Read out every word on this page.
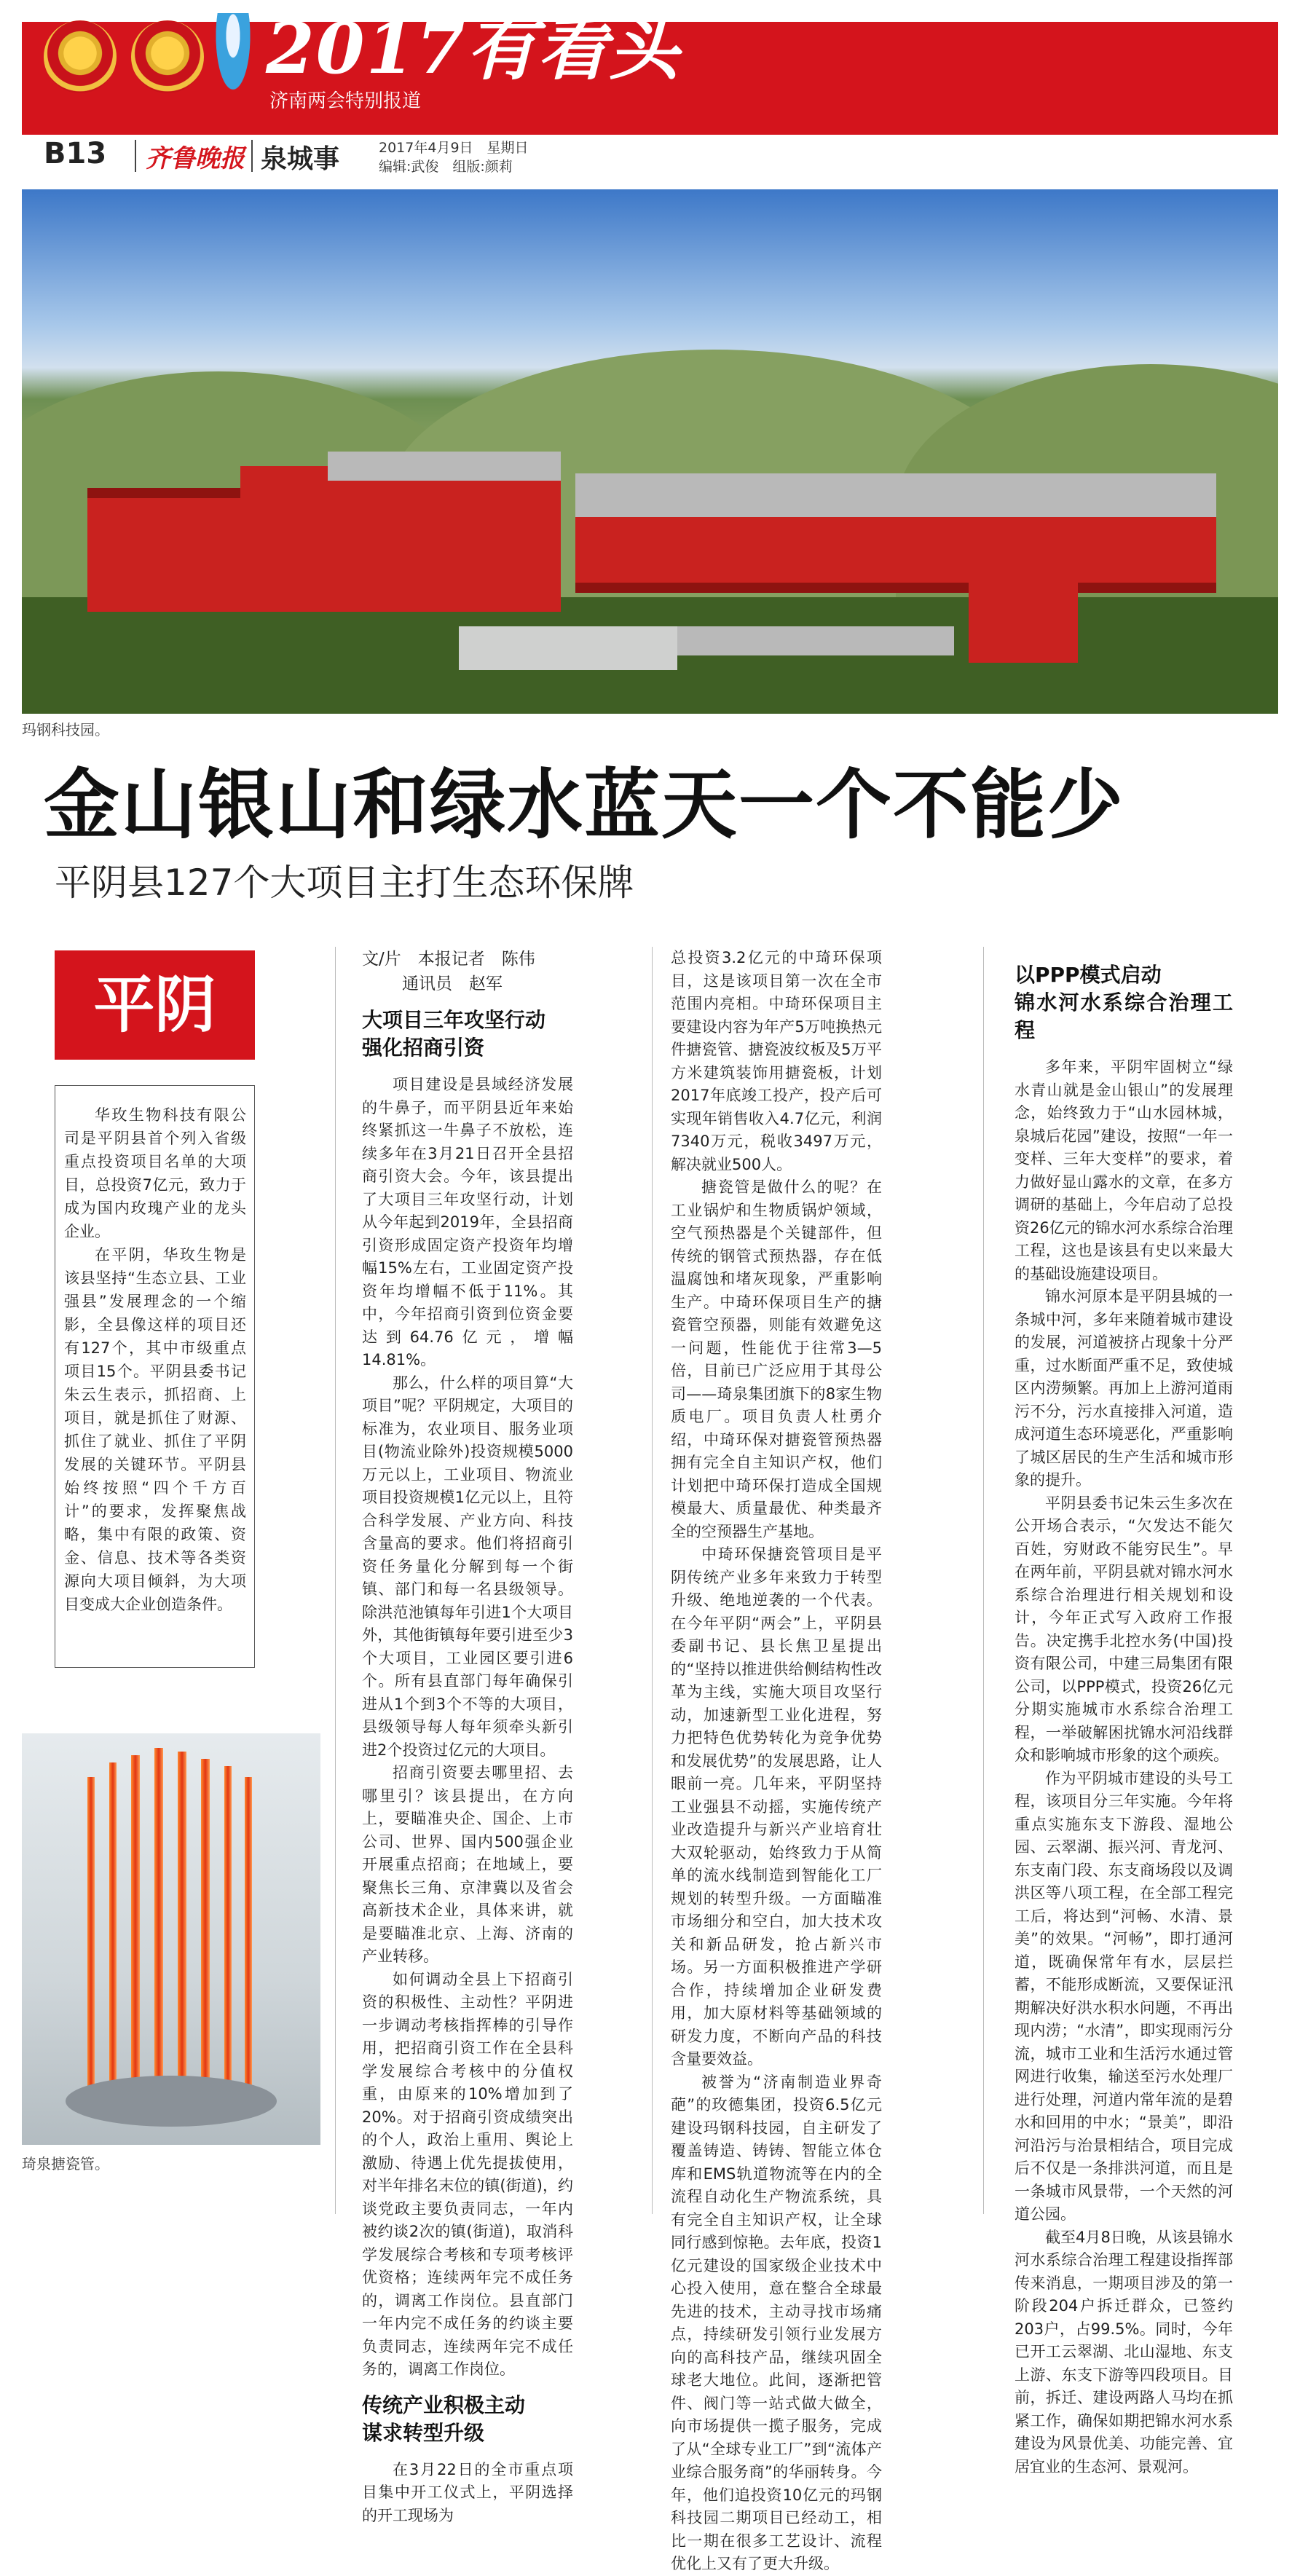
2017有看头
济南两会特别报道
B13 齐鲁晚报 泉城事	2017年4月9日　星期日
编辑:武俊　组版:颜莉
玛钢科技园。
金山银山和绿水蓝天一个不能少
平阴县127个大项目主打生态环保牌
平阴

华玫生物科技有限公司是平阴县首个列入省级重点投资项目名单的大项目，总投资7亿元，致力于成为国内玫瑰产业的龙头企业。

在平阴，华玫生物是该县坚持“生态立县、工业强县”发展理念的一个缩影，全县像这样的项目还有127个，其中市级重点项目15个。平阴县委书记朱云生表示，抓招商、上项目，就是抓住了财源、抓住了就业、抓住了平阴发展的关键环节。平阴县始终按照“四个千方百计”的要求，发挥聚焦战略，集中有限的政策、资金、信息、技术等各类资源向大项目倾斜，为大项目变成大企业创造条件。

琦泉搪瓷管。

文/片　本报记者　陈伟
通讯员　赵军

大项目三年攻坚行动
强化招商引资

项目建设是县域经济发展的牛鼻子，而平阴县近年来始终紧抓这一牛鼻子不放松，连续多年在3月21日召开全县招商引资大会。今年，该县提出了大项目三年攻坚行动，计划从今年起到2019年，全县招商引资形成固定资产投资年均增幅15%左右，工业固定资产投资年均增幅不低于11%。其中，今年招商引资到位资金要达到64.76亿元，增幅14.81%。

那么，什么样的项目算“大项目”呢？平阴规定，大项目的标准为，农业项目、服务业项目(物流业除外)投资规模5000万元以上，工业项目、物流业项目投资规模1亿元以上，且符合科学发展、产业方向、科技含量高的要求。他们将招商引资任务量化分解到每一个街镇、部门和每一名县级领导。除洪范池镇每年引进1个大项目外，其他街镇每年要引进至少3个大项目，工业园区要引进6个。所有县直部门每年确保引进从1个到3个不等的大项目，县级领导每人每年须牵头新引进2个投资过亿元的大项目。

招商引资要去哪里招、去哪里引？该县提出，在方向上，要瞄准央企、国企、上市公司、世界、国内500强企业开展重点招商；在地域上，要聚焦长三角、京津冀以及省会高新技术企业，具体来讲，就是要瞄准北京、上海、济南的产业转移。

如何调动全县上下招商引资的积极性、主动性？平阴进一步调动考核指挥棒的引导作用，把招商引资工作在全县科学发展综合考核中的分值权重，由原来的10%增加到了20%。对于招商引资成绩突出的个人，政治上重用、舆论上激励、待遇上优先提拔使用，对半年排名末位的镇(街道)，约谈党政主要负责同志，一年内被约谈2次的镇(街道)，取消科学发展综合考核和专项考核评优资格；连续两年完不成任务的，调离工作岗位。县直部门一年内完不成任务的约谈主要负责同志，连续两年完不成任务的，调离工作岗位。

传统产业积极主动
谋求转型升级

在3月22日的全市重点项目集中开工仪式上，平阴选择的开工现场为

总投资3.2亿元的中琦环保项目，这是该项目第一次在全市范围内亮相。中琦环保项目主要建设内容为年产5万吨换热元件搪瓷管、搪瓷波纹板及5万平方米建筑装饰用搪瓷板，计划2017年底竣工投产，投产后可实现年销售收入4.7亿元，利润7340万元，税收3497万元，解决就业500人。

搪瓷管是做什么的呢？在工业锅炉和生物质锅炉领域，空气预热器是个关键部件，但传统的钢管式预热器，存在低温腐蚀和堵灰现象，严重影响生产。中琦环保项目生产的搪瓷管空预器，则能有效避免这一问题，性能优于往常3—5倍，目前已广泛应用于其母公司——琦泉集团旗下的8家生物质电厂。项目负责人杜勇介绍，中琦环保对搪瓷管预热器拥有完全自主知识产权，他们计划把中琦环保打造成全国规模最大、质量最优、种类最齐全的空预器生产基地。

中琦环保搪瓷管项目是平阴传统产业多年来致力于转型升级、绝地逆袭的一个代表。在今年平阴“两会”上，平阴县委副书记、县长焦卫星提出的“坚持以推进供给侧结构性改革为主线，实施大项目攻坚行动，加速新型工业化进程，努力把特色优势转化为竞争优势和发展优势”的发展思路，让人眼前一亮。几年来，平阴坚持工业强县不动摇，实施传统产业改造提升与新兴产业培育壮大双轮驱动，始终致力于从简单的流水线制造到智能化工厂规划的转型升级。一方面瞄准市场细分和空白，加大技术攻关和新品研发，抢占新兴市场。另一方面积极推进产学研合作，持续增加企业研发费用，加大原材料等基础领域的研发力度，不断向产品的科技含量要效益。

被誉为“济南制造业界奇葩”的玫德集团，投资6.5亿元建设玛钢科技园，自主研发了覆盖铸造、铸铸、智能立体仓库和EMS轨道物流等在内的全流程自动化生产物流系统，具有完全自主知识产权，让全球同行感到惊艳。去年底，投资1亿元建设的国家级企业技术中心投入使用，意在整合全球最先进的技术，主动寻找市场痛点，持续研发引领行业发展方向的高科技产品，继续巩固全球老大地位。此间，逐渐把管件、阀门等一站式做大做全，向市场提供一揽子服务，完成了从“全球专业工厂”到“流体产业综合服务商”的华丽转身。今年，他们追投资10亿元的玛钢科技园二期项目已经动工，相比一期在很多工艺设计、流程优化上又有了更大升级。

以PPP模式启动
锦水河水系综合治理工程

多年来，平阴牢固树立“绿水青山就是金山银山”的发展理念，始终致力于“山水园林城，泉城后花园”建设，按照“一年一变样、三年大变样”的要求，着力做好显山露水的文章，在多方调研的基础上，今年启动了总投资26亿元的锦水河水系综合治理工程，这也是该县有史以来最大的基础设施建设项目。

锦水河原本是平阴县城的一条城中河，多年来随着城市建设的发展，河道被挤占现象十分严重，过水断面严重不足，致使城区内涝频繁。再加上上游河道雨污不分，污水直接排入河道，造成河道生态环境恶化，严重影响了城区居民的生产生活和城市形象的提升。

平阴县委书记朱云生多次在公开场合表示，“欠发达不能欠百姓，穷财政不能穷民生”。早在两年前，平阴县就对锦水河水系综合治理进行相关规划和设计，今年正式写入政府工作报告。决定携手北控水务(中国)投资有限公司，中建三局集团有限公司，以PPP模式，投资26亿元分期实施城市水系综合治理工程，一举破解困扰锦水河沿线群众和影响城市形象的这个顽疾。

作为平阴城市建设的头号工程，该项目分三年实施。今年将重点实施东支下游段、湿地公园、云翠湖、振兴河、青龙河、东支南门段、东支商场段以及调洪区等八项工程，在全部工程完工后，将达到“河畅、水清、景美”的效果。“河畅”，即打通河道，既确保常年有水，层层拦蓄，不能形成断流，又要保证汛期解决好洪水积水问题，不再出现内涝；“水清”，即实现雨污分流，城市工业和生活污水通过管网进行收集，输送至污水处理厂进行处理，河道内常年流的是碧水和回用的中水；“景美”，即沿河沿污与治景相结合，项目完成后不仅是一条排洪河道，而且是一条城市风景带，一个天然的河道公园。

截至4月8日晚，从该县锦水河水系综合治理工程建设指挥部传来消息，一期项目涉及的第一阶段204户拆迁群众，已签约203户，占99.5%。同时，今年已开工云翠湖、北山湿地、东支上游、东支下游等四段项目。目前，拆迁、建设两路人马均在抓紧工作，确保如期把锦水河水系建设为风景优美、功能完善、宜居宜业的生态河、景观河。
